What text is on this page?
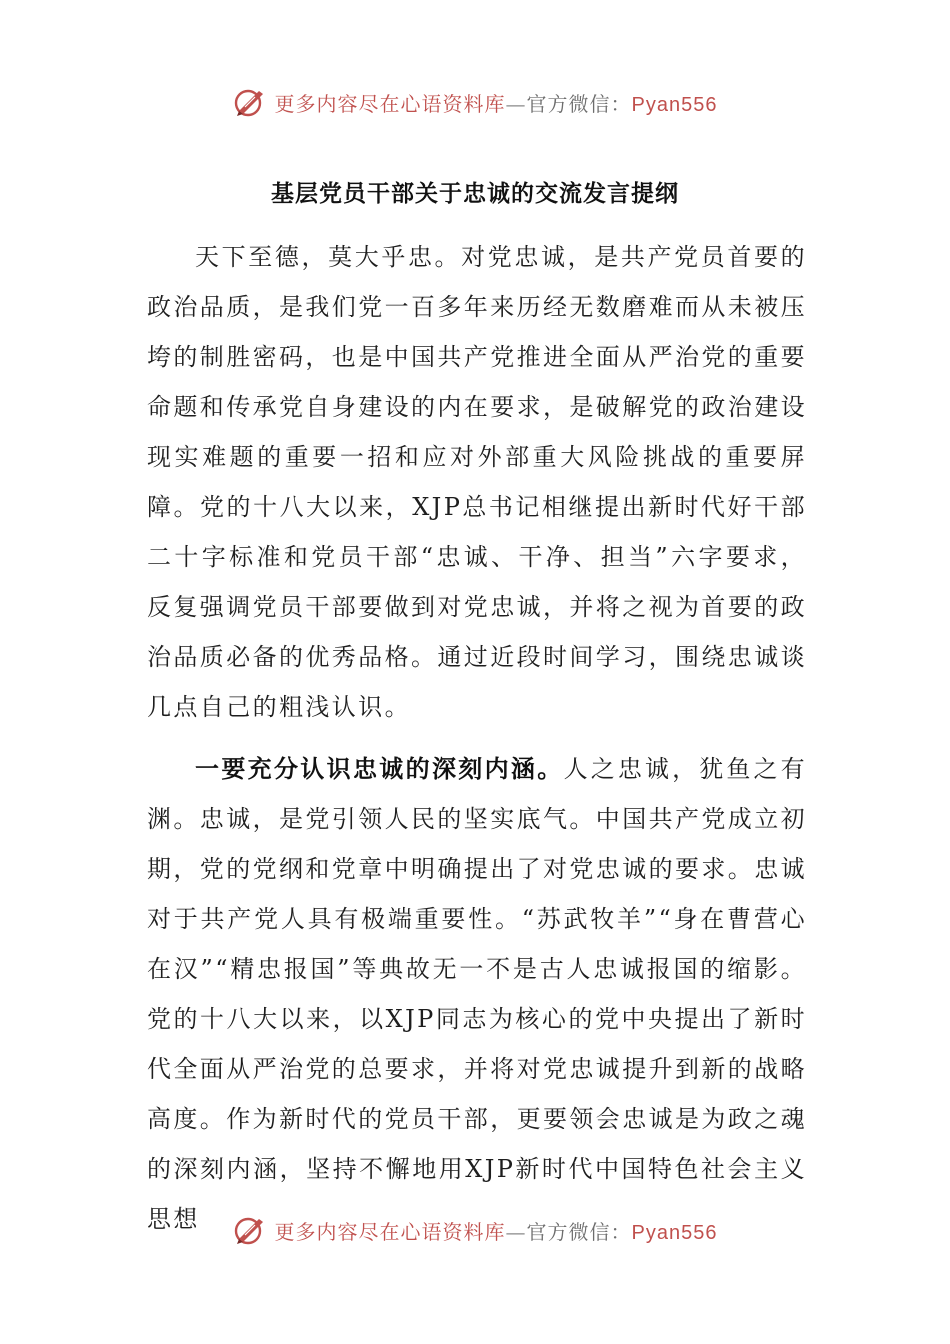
更多内容尽在心语资料库—官方微信：Pyan556
基层党员干部关于忠诚的交流发言提纲

天下至德，莫大乎忠。对党忠诚，是共产党员首要的政治品质，是我们党一百多年来历经无数磨难而从未被压垮的制胜密码，也是中国共产党推进全面从严治党的重要命题和传承党自身建设的内在要求，是破解党的政治建设现实难题的重要一招和应对外部重大风险挑战的重要屏障。党的十八大以来，XJP总书记相继提出新时代好干部二十字标准和党员干部“忠诚、干净、担当”六字要求，反复强调党员干部要做到对党忠诚，并将之视为首要的政治品质必备的优秀品格。通过近段时间学习，围绕忠诚谈几点自己的粗浅认识。

一要充分认识忠诚的深刻内涵。人之忠诚，犹鱼之有渊。忠诚，是党引领人民的坚实底气。中国共产党成立初期，党的党纲和党章中明确提出了对党忠诚的要求。忠诚对于共产党人具有极端重要性。“苏武牧羊”“身在曹营心在汉”“精忠报国”等典故无一不是古人忠诚报国的缩影。党的十八大以来，以XJP同志为核心的党中央提出了新时代全面从严治党的总要求，并将对党忠诚提升到新的战略高度。作为新时代的党员干部，更要领会忠诚是为政之魂的深刻内涵，坚持不懈地用XJP新时代中国特色社会主义思想	更多内容尽在心语资料库—官方微信：Pyan556
